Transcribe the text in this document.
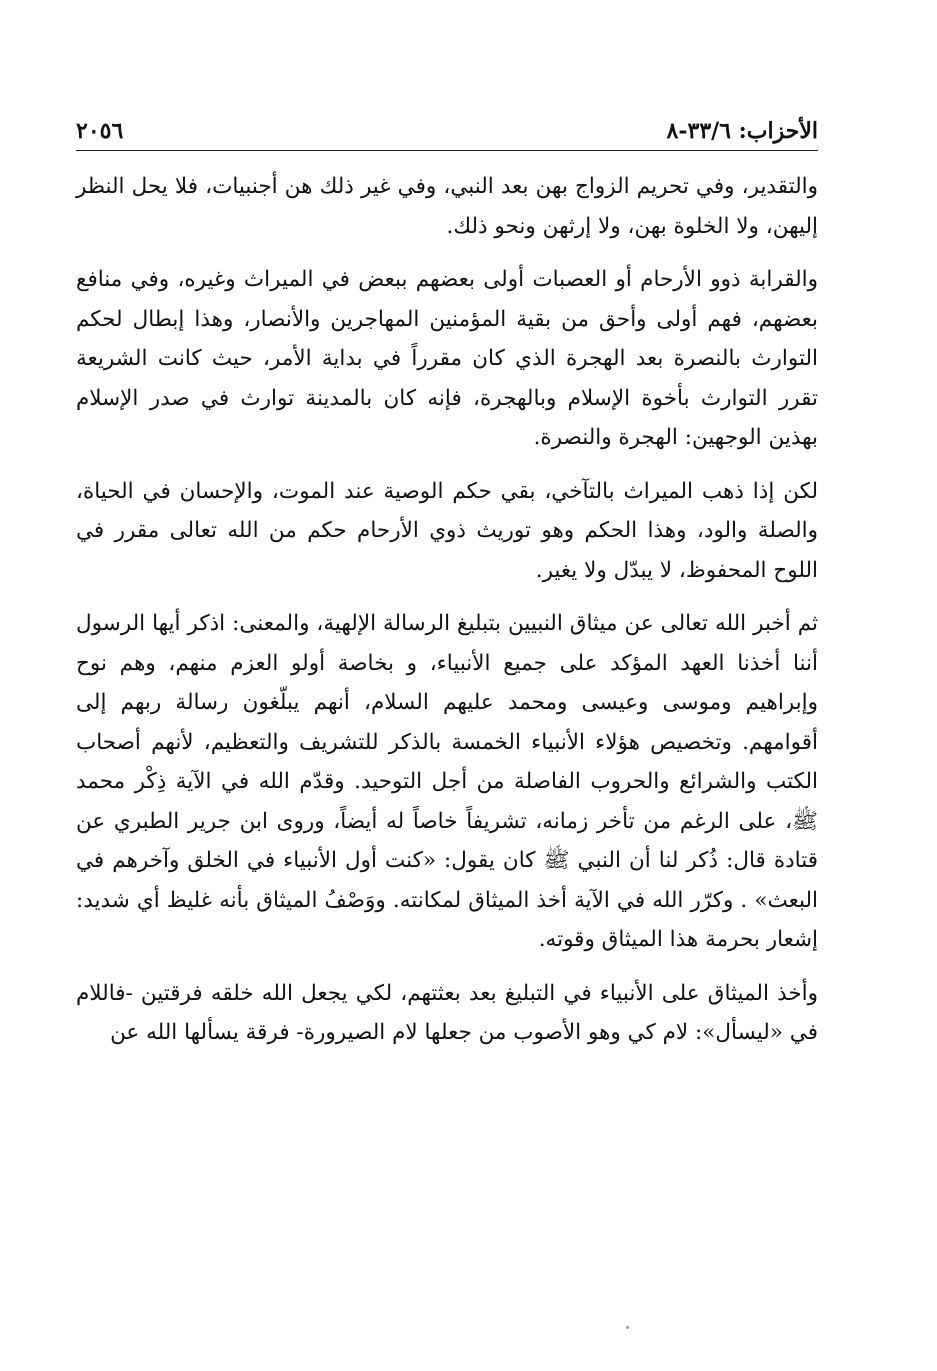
الأحزاب: ٣٣/٦-٨
٢٠٥٦

والتقدير، وفي تحريم الزواج بهن بعد النبي، وفي غير ذلك هن أجنبيات، فلا يحل النظر إليهن، ولا الخلوة بهن، ولا إرثهن ونحو ذلك.

والقرابة ذوو الأرحام أو العصبات أولى بعضهم ببعض في الميراث وغيره، وفي منافع بعضهم، فهم أولى وأحق من بقية المؤمنين المهاجرين والأنصار، وهذا إبطال لحكم التوارث بالنصرة بعد الهجرة الذي كان مقرراً في بداية الأمر، حيث كانت الشريعة تقرر التوارث بأخوة الإسلام وبالهجرة، فإنه كان بالمدينة توارث في صدر الإسلام بهذين الوجهين: الهجرة والنصرة.

لكن إذا ذهب الميراث بالتآخي، بقي حكم الوصية عند الموت، والإحسان في الحياة، والصلة والود، وهذا الحكم وهو توريث ذوي الأرحام حكم من الله تعالى مقرر في اللوح المحفوظ، لا يبدّل ولا يغير.

ثم أخبر الله تعالى عن ميثاق النبيين بتبليغ الرسالة الإلهية، والمعنى: اذكر أيها الرسول أننا أخذنا العهد المؤكد على جميع الأنبياء، و بخاصة أولو العزم منهم، وهم نوح وإبراهيم وموسى وعيسى ومحمد عليهم السلام، أنهم يبلّغون رسالة ربهم إلى أقوامهم. وتخصيص هؤلاء الأنبياء الخمسة بالذكر للتشريف والتعظيم، لأنهم أصحاب الكتب والشرائع والحروب الفاصلة من أجل التوحيد. وقدّم الله في الآية ذِكْر محمد ﷺ، على الرغم من تأخر زمانه، تشريفاً خاصاً له أيضاً، وروى ابن جرير الطبري عن قتادة قال: ذُكر لنا أن النبي ﷺ كان يقول: «كنت أول الأنبياء في الخلق وآخرهم في البعث» . وكرّر الله في الآية أخذ الميثاق لمكانته. ووَصْفُ الميثاق بأنه غليظ أي شديد: إشعار بحرمة هذا الميثاق وقوته.

وأخذ الميثاق على الأنبياء في التبليغ بعد بعثتهم، لكي يجعل الله خلقه فرقتين -فاللام في «ليسأل»: لام كي وهو الأصوب من جعلها لام الصيرورة- فرقة يسألها الله عن
